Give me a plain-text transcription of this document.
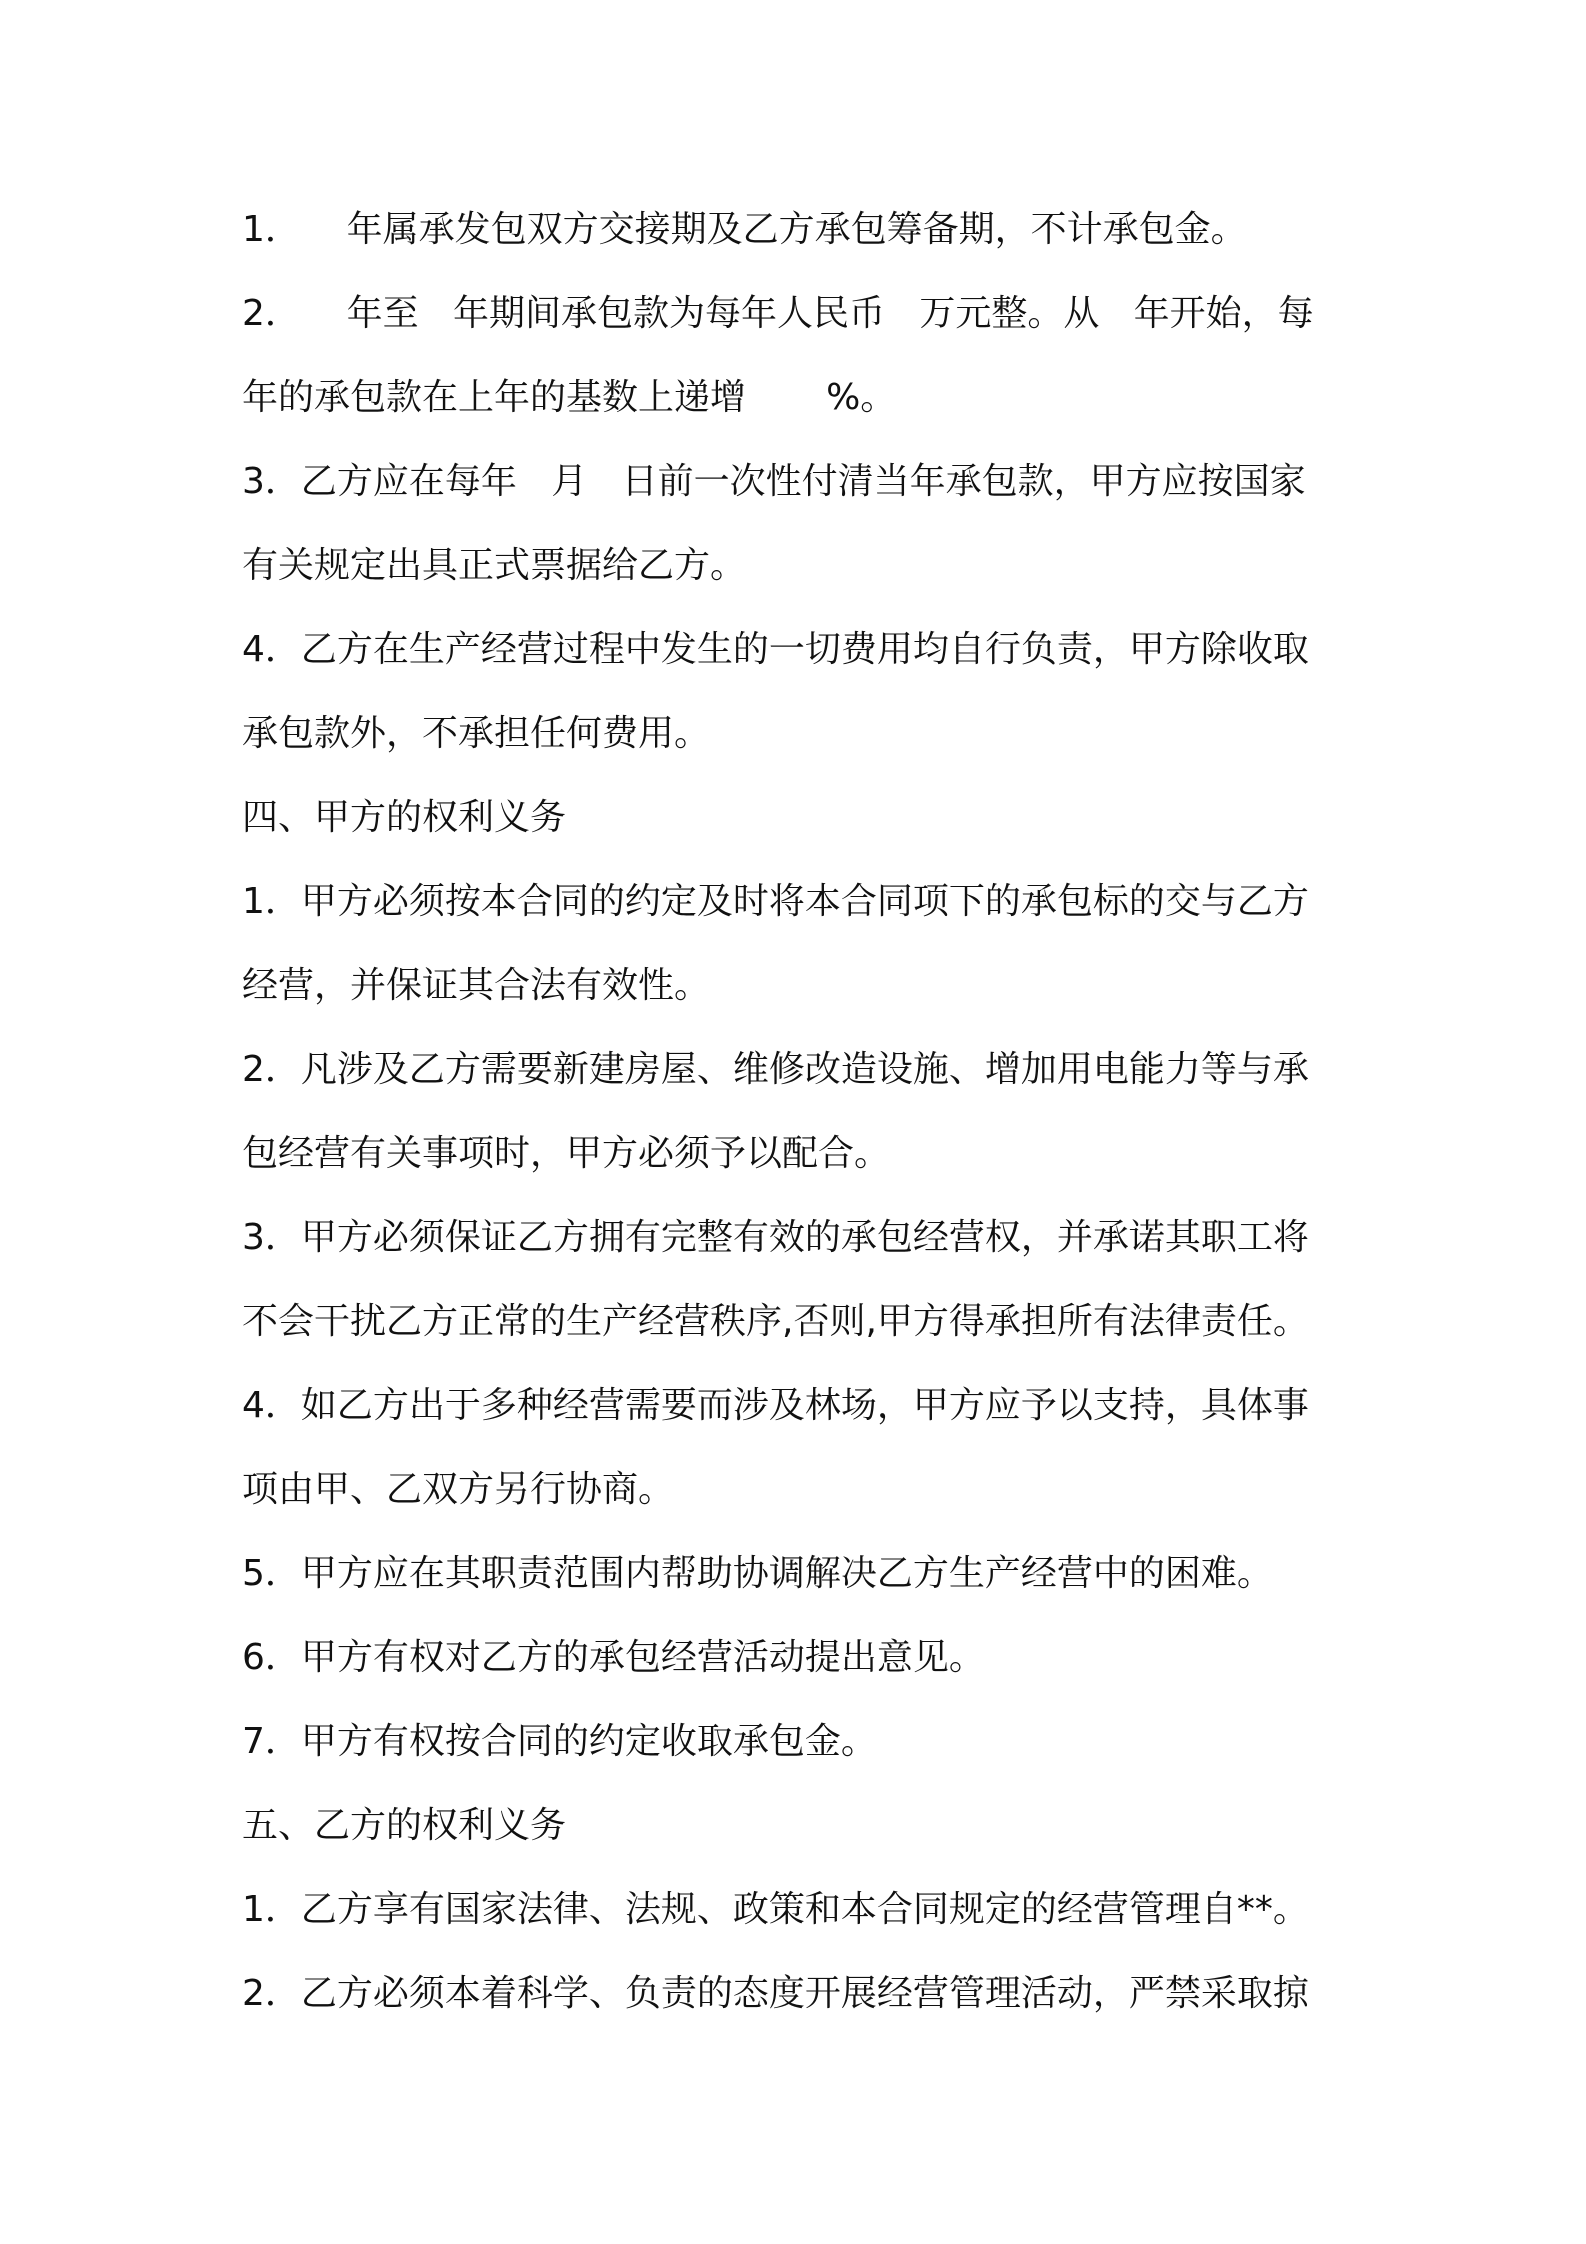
1．    年属承发包双方交接期及乙方承包筹备期，不计承包金。
2．    年至   年期间承包款为每年人民币   万元整。从   年开始，每
年的承包款在上年的基数上递增       %。
3．乙方应在每年   月   日前一次性付清当年承包款，甲方应按国家
有关规定出具正式票据给乙方。
4．乙方在生产经营过程中发生的一切费用均自行负责，甲方除收取
承包款外，不承担任何费用。
四、甲方的权利义务
1．甲方必须按本合同的约定及时将本合同项下的承包标的交与乙方
经营，并保证其合法有效性。
2．凡涉及乙方需要新建房屋、维修改造设施、增加用电能力等与承
包经营有关事项时，甲方必须予以配合。
3．甲方必须保证乙方拥有完整有效的承包经营权，并承诺其职工将
不会干扰乙方正常的生产经营秩序,否则,甲方得承担所有法律责任。
4．如乙方出于多种经营需要而涉及林场，甲方应予以支持，具体事
项由甲、乙双方另行协商。
5．甲方应在其职责范围内帮助协调解决乙方生产经营中的困难。
6．甲方有权对乙方的承包经营活动提出意见。
7．甲方有权按合同的约定收取承包金。
五、乙方的权利义务
1．乙方享有国家法律、法规、政策和本合同规定的经营管理自**。
2．乙方必须本着科学、负责的态度开展经营管理活动，严禁采取掠
